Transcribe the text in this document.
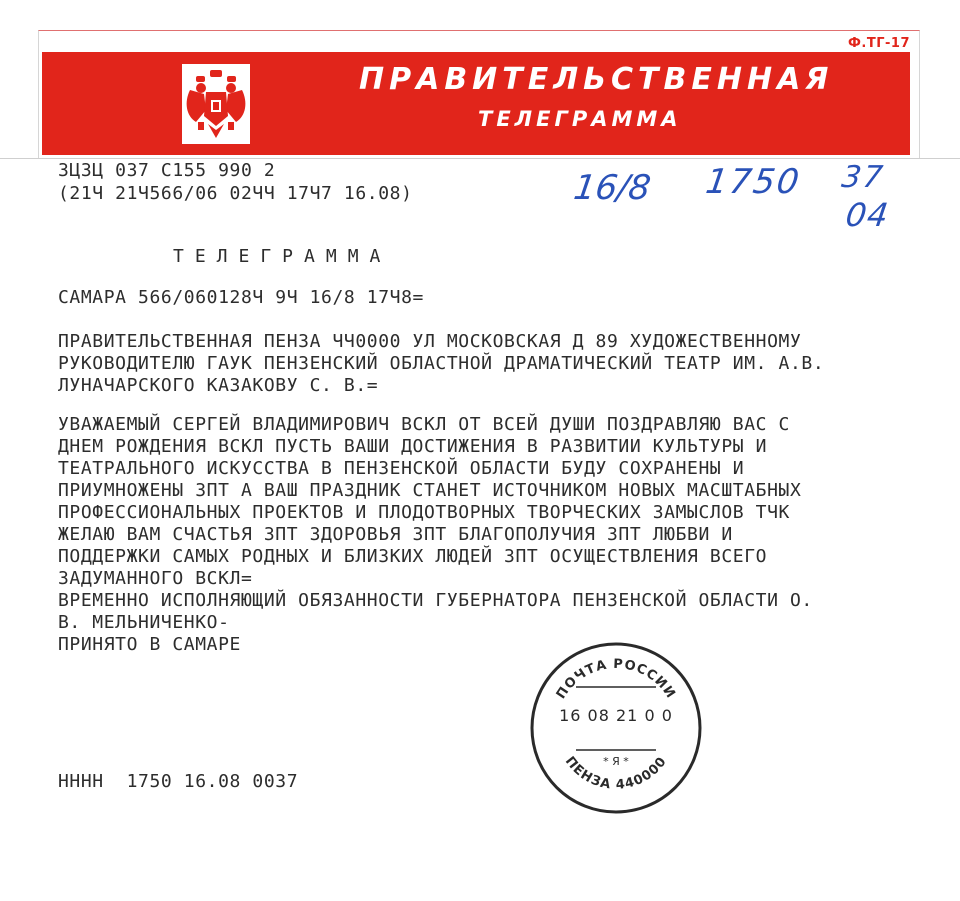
Ф.ТГ-17
ПРАВИТЕЛЬСТВЕННАЯ
ТЕЛЕГРАММА
ЗЦЗЦ 037 С155 990 2
(21Ч 21Ч566/06 02ЧЧ 17Ч7 16.08)
ТЕЛЕГРАММА
САМАРА 566/060128Ч 9Ч 16/8 17Ч8=
ПРАВИТЕЛЬСТВЕННАЯ ПЕНЗА ЧЧ0000 УЛ МОСКОВСКАЯ Д 89 ХУДОЖЕСТВЕННОМУ
РУКОВОДИТЕЛЮ ГАУК ПЕНЗЕНСКИЙ ОБЛАСТНОЙ ДРАМАТИЧЕСКИЙ ТЕАТР ИМ. А.В.
ЛУНАЧАРСКОГО КАЗАКОВУ С. В.=
УВАЖАЕМЫЙ СЕРГЕЙ ВЛАДИМИРОВИЧ ВСКЛ ОТ ВСЕЙ ДУШИ ПОЗДРАВЛЯЮ ВАС С
ДНЕМ РОЖДЕНИЯ ВСКЛ ПУСТЬ ВАШИ ДОСТИЖЕНИЯ В РАЗВИТИИ КУЛЬТУРЫ И
ТЕАТРАЛЬНОГО ИСКУССТВА В ПЕНЗЕНСКОЙ ОБЛАСТИ БУДУ СОХРАНЕНЫ И
ПРИУМНОЖЕНЫ ЗПТ А ВАШ ПРАЗДНИК СТАНЕТ ИСТОЧНИКОМ НОВЫХ МАСШТАБНЫХ
ПРОФЕССИОНАЛЬНЫХ ПРОЕКТОВ И ПЛОДОТВОРНЫХ ТВОРЧЕСКИХ ЗАМЫСЛОВ ТЧК
ЖЕЛАЮ ВАМ СЧАСТЬЯ ЗПТ ЗДОРОВЬЯ ЗПТ БЛАГОПОЛУЧИЯ ЗПТ ЛЮБВИ И
ПОДДЕРЖКИ САМЫХ РОДНЫХ И БЛИЗКИХ ЛЮДЕЙ ЗПТ ОСУЩЕСТВЛЕНИЯ ВСЕГО
ЗАДУМАННОГО ВСКЛ=
ВРЕМЕННО ИСПОЛНЯЮЩИЙ ОБЯЗАННОСТИ ГУБЕРНАТОРА ПЕНЗЕНСКОЙ ОБЛАСТИ О.
В. МЕЛЬНИЧЕНКО-
ПРИНЯТО В САМАРЕ
НННН  1750 16.08 0037
16/8 1750 37
04
ПОЧТА РОССИИ
ПЕНЗА 440000
* Я *
16 08 21 0 0
